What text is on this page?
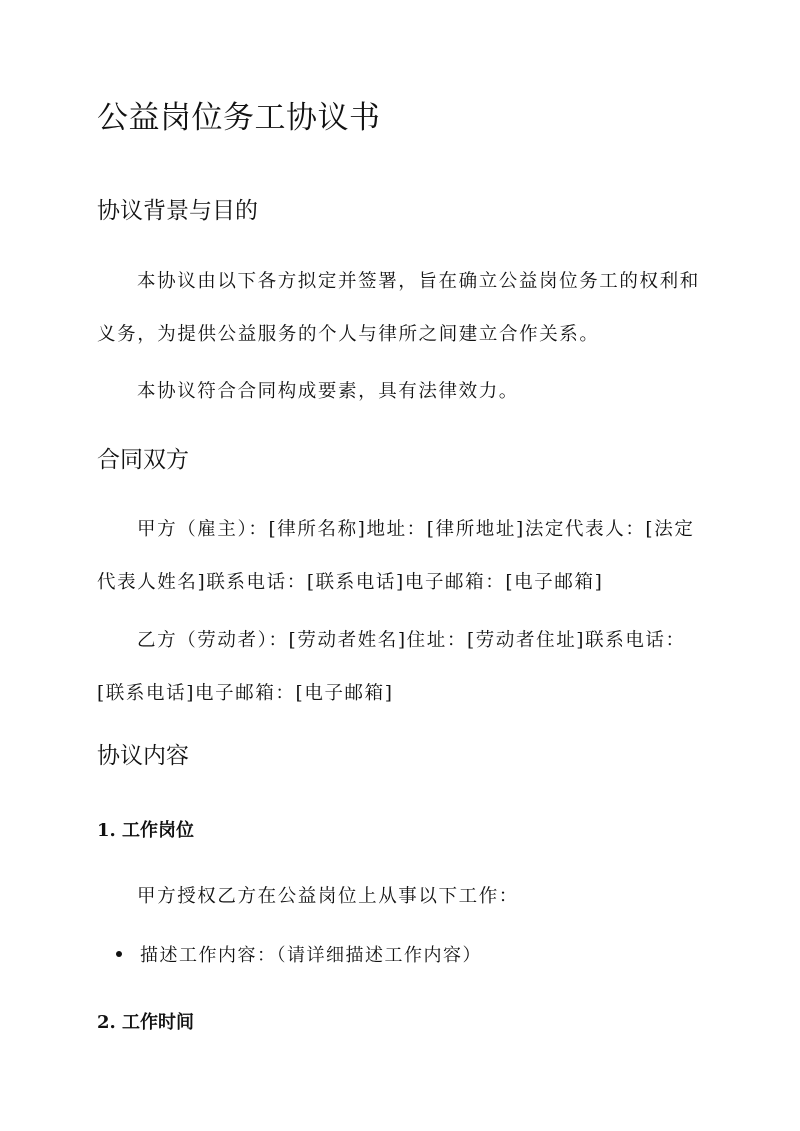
公益岗位务工协议书
协议背景与目的

本协议由以下各方拟定并签署，旨在确立公益岗位务工的权利和义务，为提供公益服务的个人与律所之间建立合作关系。

本协议符合合同构成要素，具有法律效力。

合同双方

甲方（雇主）：[律所名称]地址：[律所地址]法定代表人：[法定代表人姓名]联系电话：[联系电话]电子邮箱：[电子邮箱]

乙方（劳动者）：[劳动者姓名]住址：[劳动者住址]联系电话：[联系电话]电子邮箱：[电子邮箱]

协议内容
1. 工作岗位

甲方授权乙方在公益岗位上从事以下工作：

描述工作内容：（请详细描述工作内容）
2. 工作时间
